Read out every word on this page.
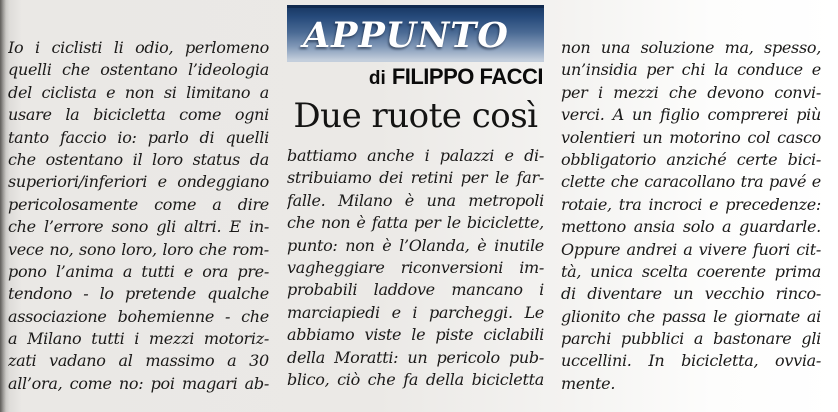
Io i ciclisti li odio, perlomeno
quelli che ostentano l’ideologia
del ciclista e non si limitano a
usare la bicicletta come ogni
tanto faccio io: parlo di quelli
che ostentano il loro status da
superiori/inferiori e ondeggiano
pericolosamente come a dire
che l’errore sono gli altri. E in-
vece no, sono loro, loro che rom-
pono l’anima a tutti e ora pre-
tendono - lo pretende qualche
associazione bohemienne - che
a Milano tutti i mezzi motoriz-
zati vadano al massimo a 30
all’ora, come no: poi magari ab-
APPUNTO
di FILIPPO FACCI
Due ruote così
battiamo anche i palazzi e di-
stribuiamo dei retini per le far-
falle. Milano è una metropoli
che non è fatta per le biciclette,
punto: non è l’Olanda, è inutile
vagheggiare riconversioni im-
probabili laddove mancano i
marciapiedi e i parcheggi. Le
abbiamo viste le piste ciclabili
della Moratti: un pericolo pub-
blico, ciò che fa della bicicletta
non una soluzione ma, spesso,
un’insidia per chi la conduce e
per i mezzi che devono convi-
verci. A un figlio comprerei più
volentieri un motorino col casco
obbligatorio anziché certe bici-
clette che caracollano tra pavé e
rotaie, tra incroci e precedenze:
mettono ansia solo a guardarle.
Oppure andrei a vivere fuori cit-
tà, unica scelta coerente prima
di diventare un vecchio rinco-
glionito che passa le giornate ai
parchi pubblici a bastonare gli
uccellini. In bicicletta, ovvia-
mente.
